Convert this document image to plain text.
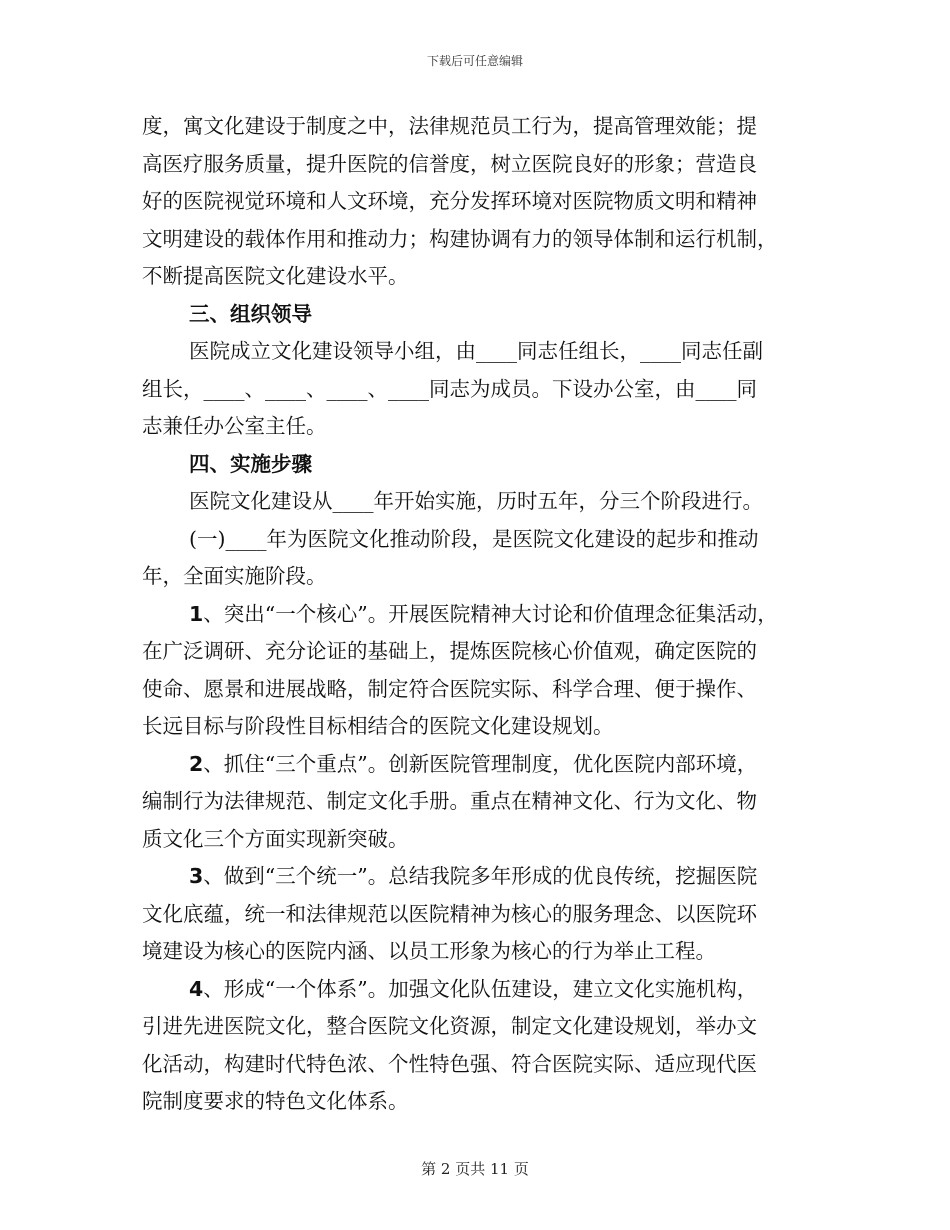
下载后可任意编辑
度，寓文化建设于制度之中，法律规范员工行为，提高管理效能；提
高医疗服务质量，提升医院的信誉度，树立医院良好的形象；营造良
好的医院视觉环境和人文环境，充分发挥环境对医院物质文明和精神
文明建设的载体作用和推动力；构建协调有力的领导体制和运行机制，
不断提高医院文化建设水平。
三、组织领导
医院成立文化建设领导小组，由____同志任组长，____同志任副
组长，____、____、____、____同志为成员。下设办公室，由____同
志兼任办公室主任。
四、实施步骤
医院文化建设从____年开始实施，历时五年，分三个阶段进行。
(一)____年为医院文化推动阶段，是医院文化建设的起步和推动
年，全面实施阶段。
1、突出“一个核心”。开展医院精神大讨论和价值理念征集活动，
在广泛调研、充分论证的基础上，提炼医院核心价值观，确定医院的
使命、愿景和进展战略，制定符合医院实际、科学合理、便于操作、
长远目标与阶段性目标相结合的医院文化建设规划。
2、抓住“三个重点”。创新医院管理制度，优化医院内部环境，
编制行为法律规范、制定文化手册。重点在精神文化、行为文化、物
质文化三个方面实现新突破。
3、做到“三个统一”。总结我院多年形成的优良传统，挖掘医院
文化底蕴，统一和法律规范以医院精神为核心的服务理念、以医院环
境建设为核心的医院内涵、以员工形象为核心的行为举止工程。
4、形成“一个体系”。加强文化队伍建设，建立文化实施机构，
引进先进医院文化，整合医院文化资源，制定文化建设规划，举办文
化活动，构建时代特色浓、个性特色强、符合医院实际、适应现代医
院制度要求的特色文化体系。
第 2 页共 11 页
